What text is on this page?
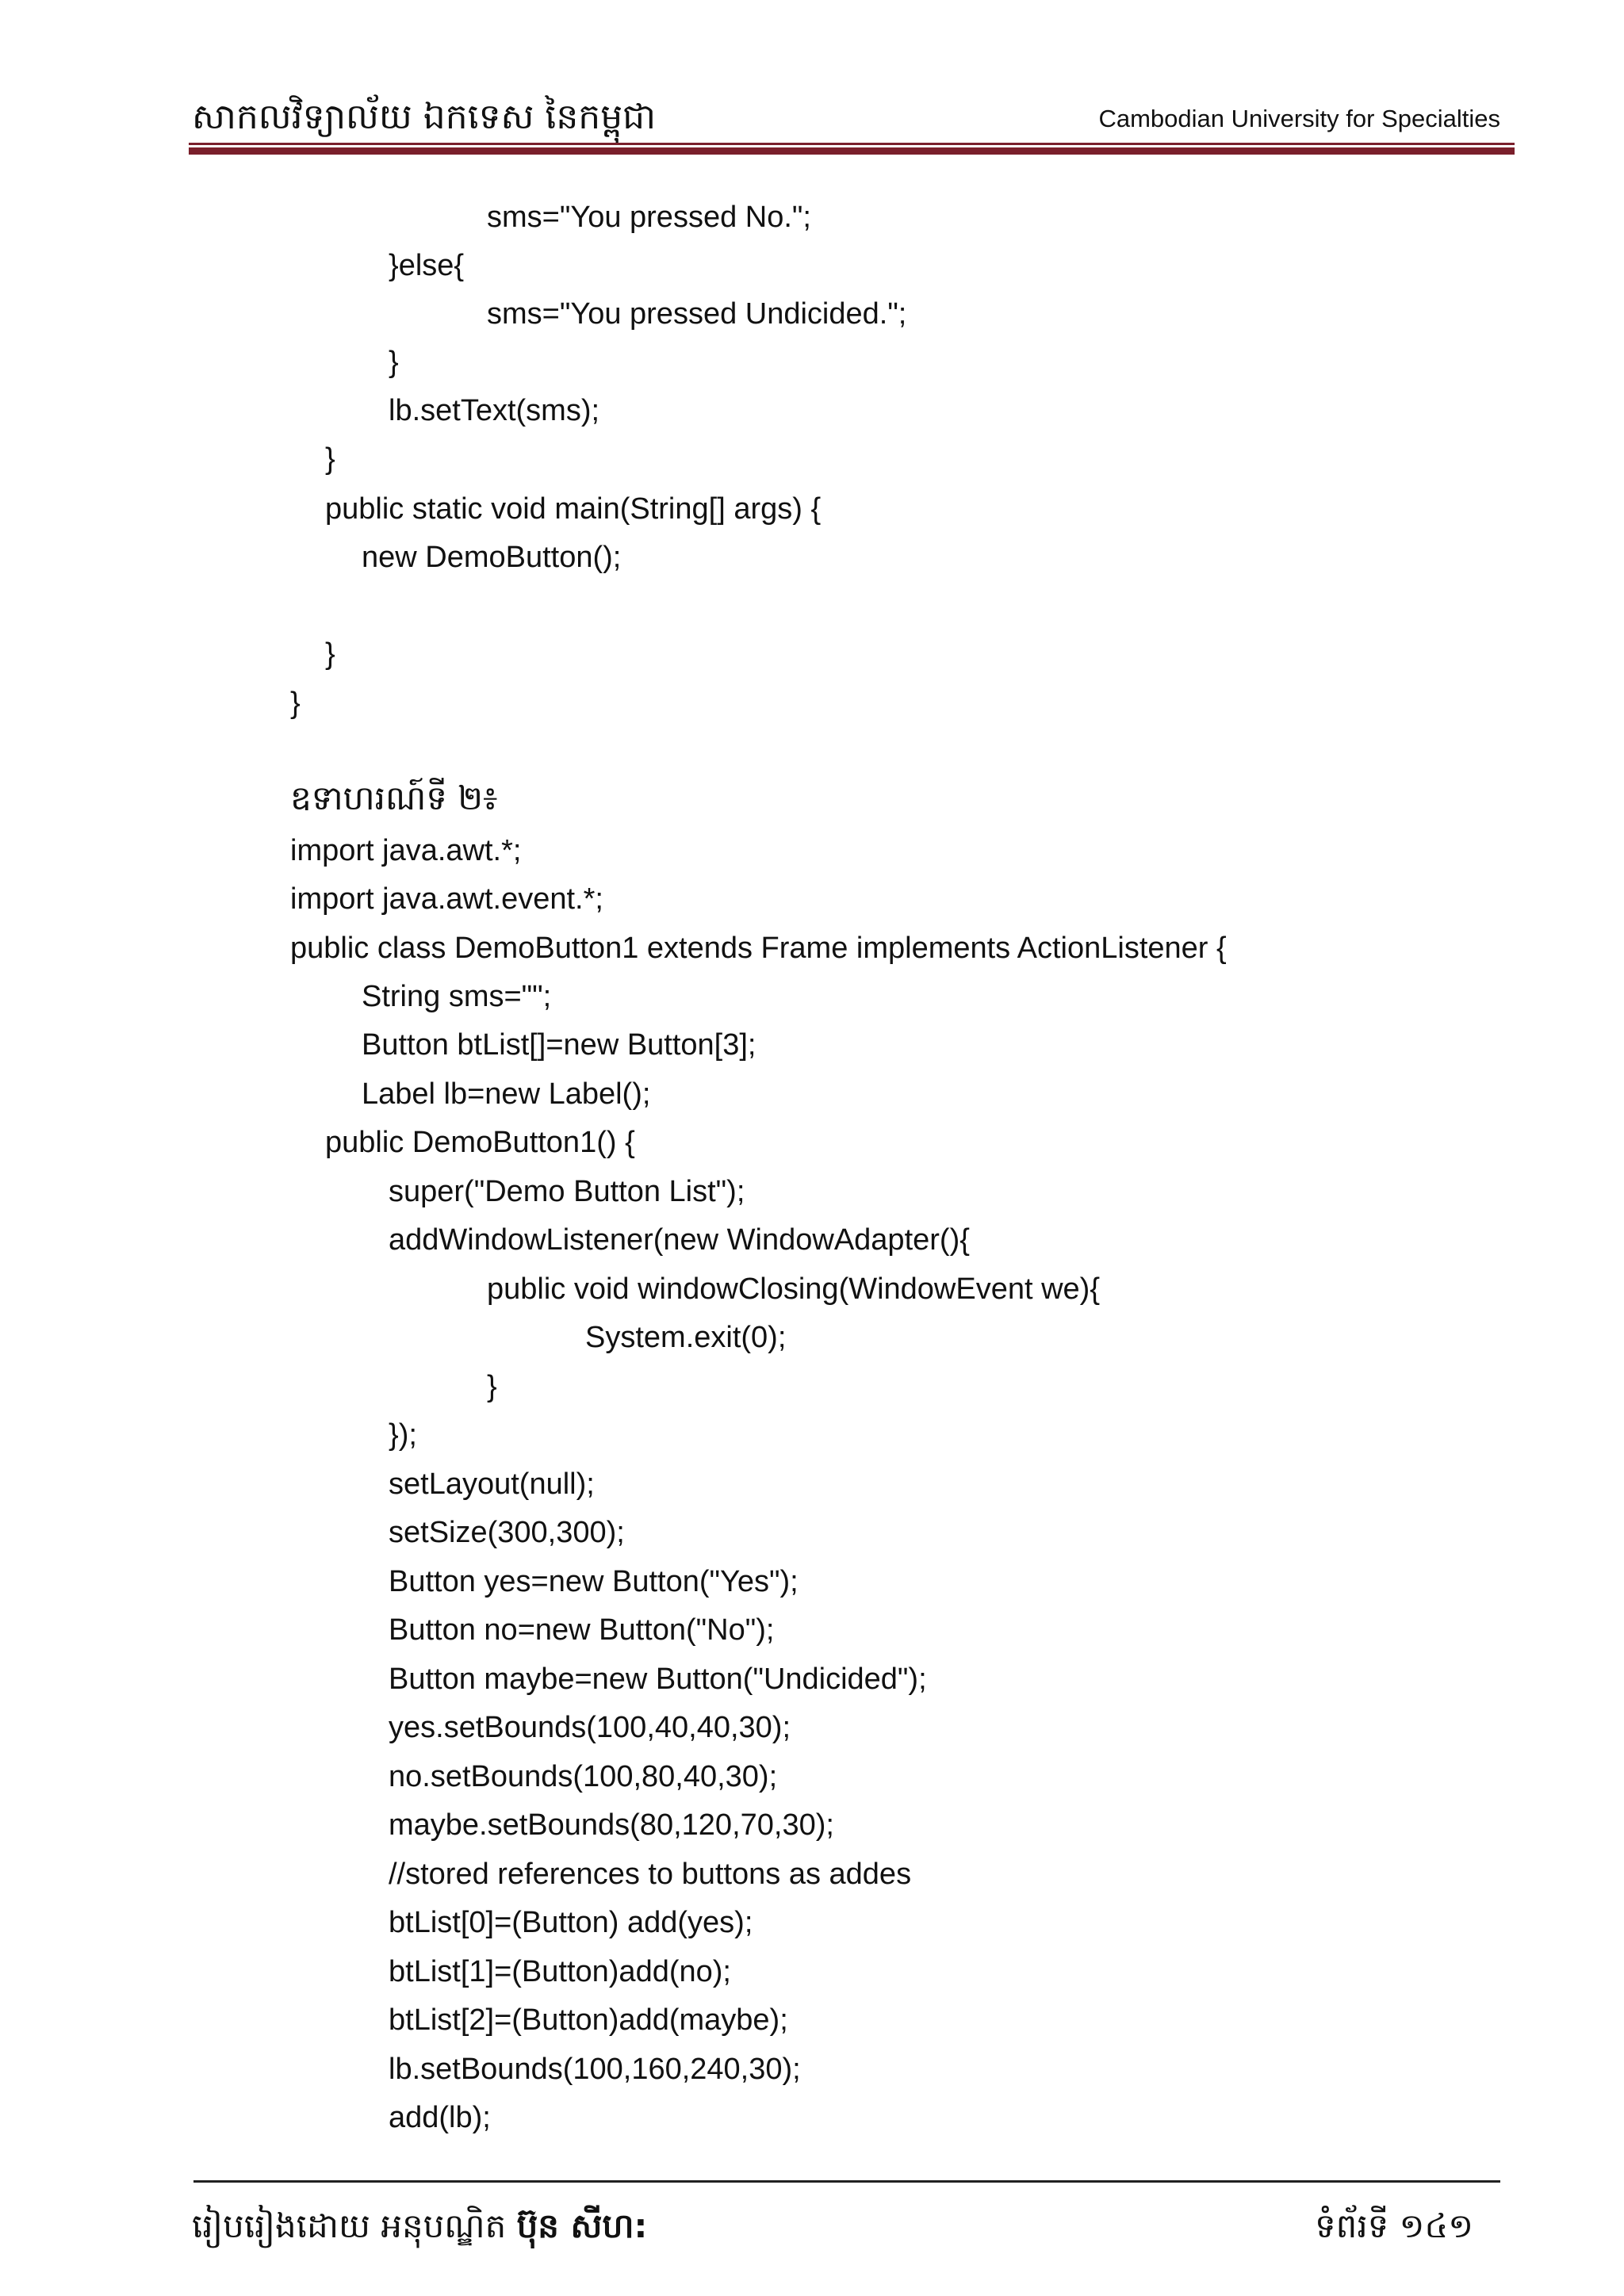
សាកលវិទ្យាល័យ ឯកទេស នៃកម្ពុជា	Cambodian University for Specialties
sms="You pressed No.";
}else{
sms="You pressed Undicided.";
}
lb.setText(sms);
}
public static void main(String[] args) {
new DemoButton();
}
}
ឧទាហរណ៍ទី ២៖
import java.awt.*;
import java.awt.event.*;
public class DemoButton1 extends Frame implements ActionListener {
String sms="";
Button btList[]=new Button[3];
Label lb=new Label();
public DemoButton1() {
super("Demo Button List");
addWindowListener(new WindowAdapter(){
public void windowClosing(WindowEvent we){
System.exit(0);
}
});
setLayout(null);
setSize(300,300);
Button yes=new Button("Yes");
Button no=new Button("No");
Button maybe=new Button("Undicided");
yes.setBounds(100,40,40,30);
no.setBounds(100,80,40,30);
maybe.setBounds(80,120,70,30);
//stored references to buttons as addes
btList[0]=(Button) add(yes);
btList[1]=(Button)add(no);
btList[2]=(Button)add(maybe);
lb.setBounds(100,160,240,30);
add(lb);
រៀបរៀងដោយ អនុបណ្ឌិត ប៊ុន សីហ:	ទំព័រទី ១៤១
